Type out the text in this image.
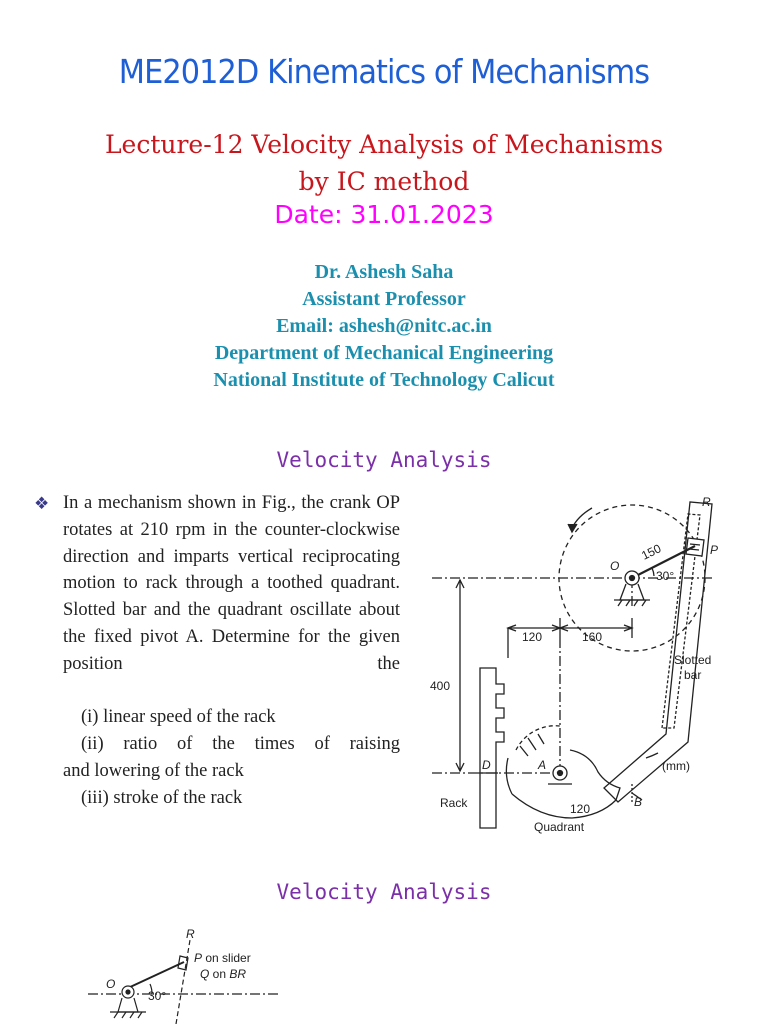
ME2012D Kinematics of Mechanisms
Lecture-12 Velocity Analysis of Mechanisms
by IC method
Date: 31.01.2023
Dr. Ashesh Saha
Assistant Professor
Email: ashesh@nitc.ac.in
Department of Mechanical Engineering
National Institute of Technology Calicut
Velocity Analysis
❖ In a mechanism shown in Fig., the crank OP rotates at 210 rpm in the counter-clockwise direction and imparts vertical reciprocating motion to rack through a toothed quadrant. Slotted bar and the quadrant oscillate about the fixed pivot A. Determine for the given position the
(i) linear speed of the rack
(ii) ratio of the times of raising
and lowering of the rack
(iii) stroke of the rack
R
P
O
150
30°
120	160
400
Slotted
bar
(mm)
D	A
B
Rack	120
Quadrant
Velocity Analysis
R
O
30°
P on slider
Q on BR
